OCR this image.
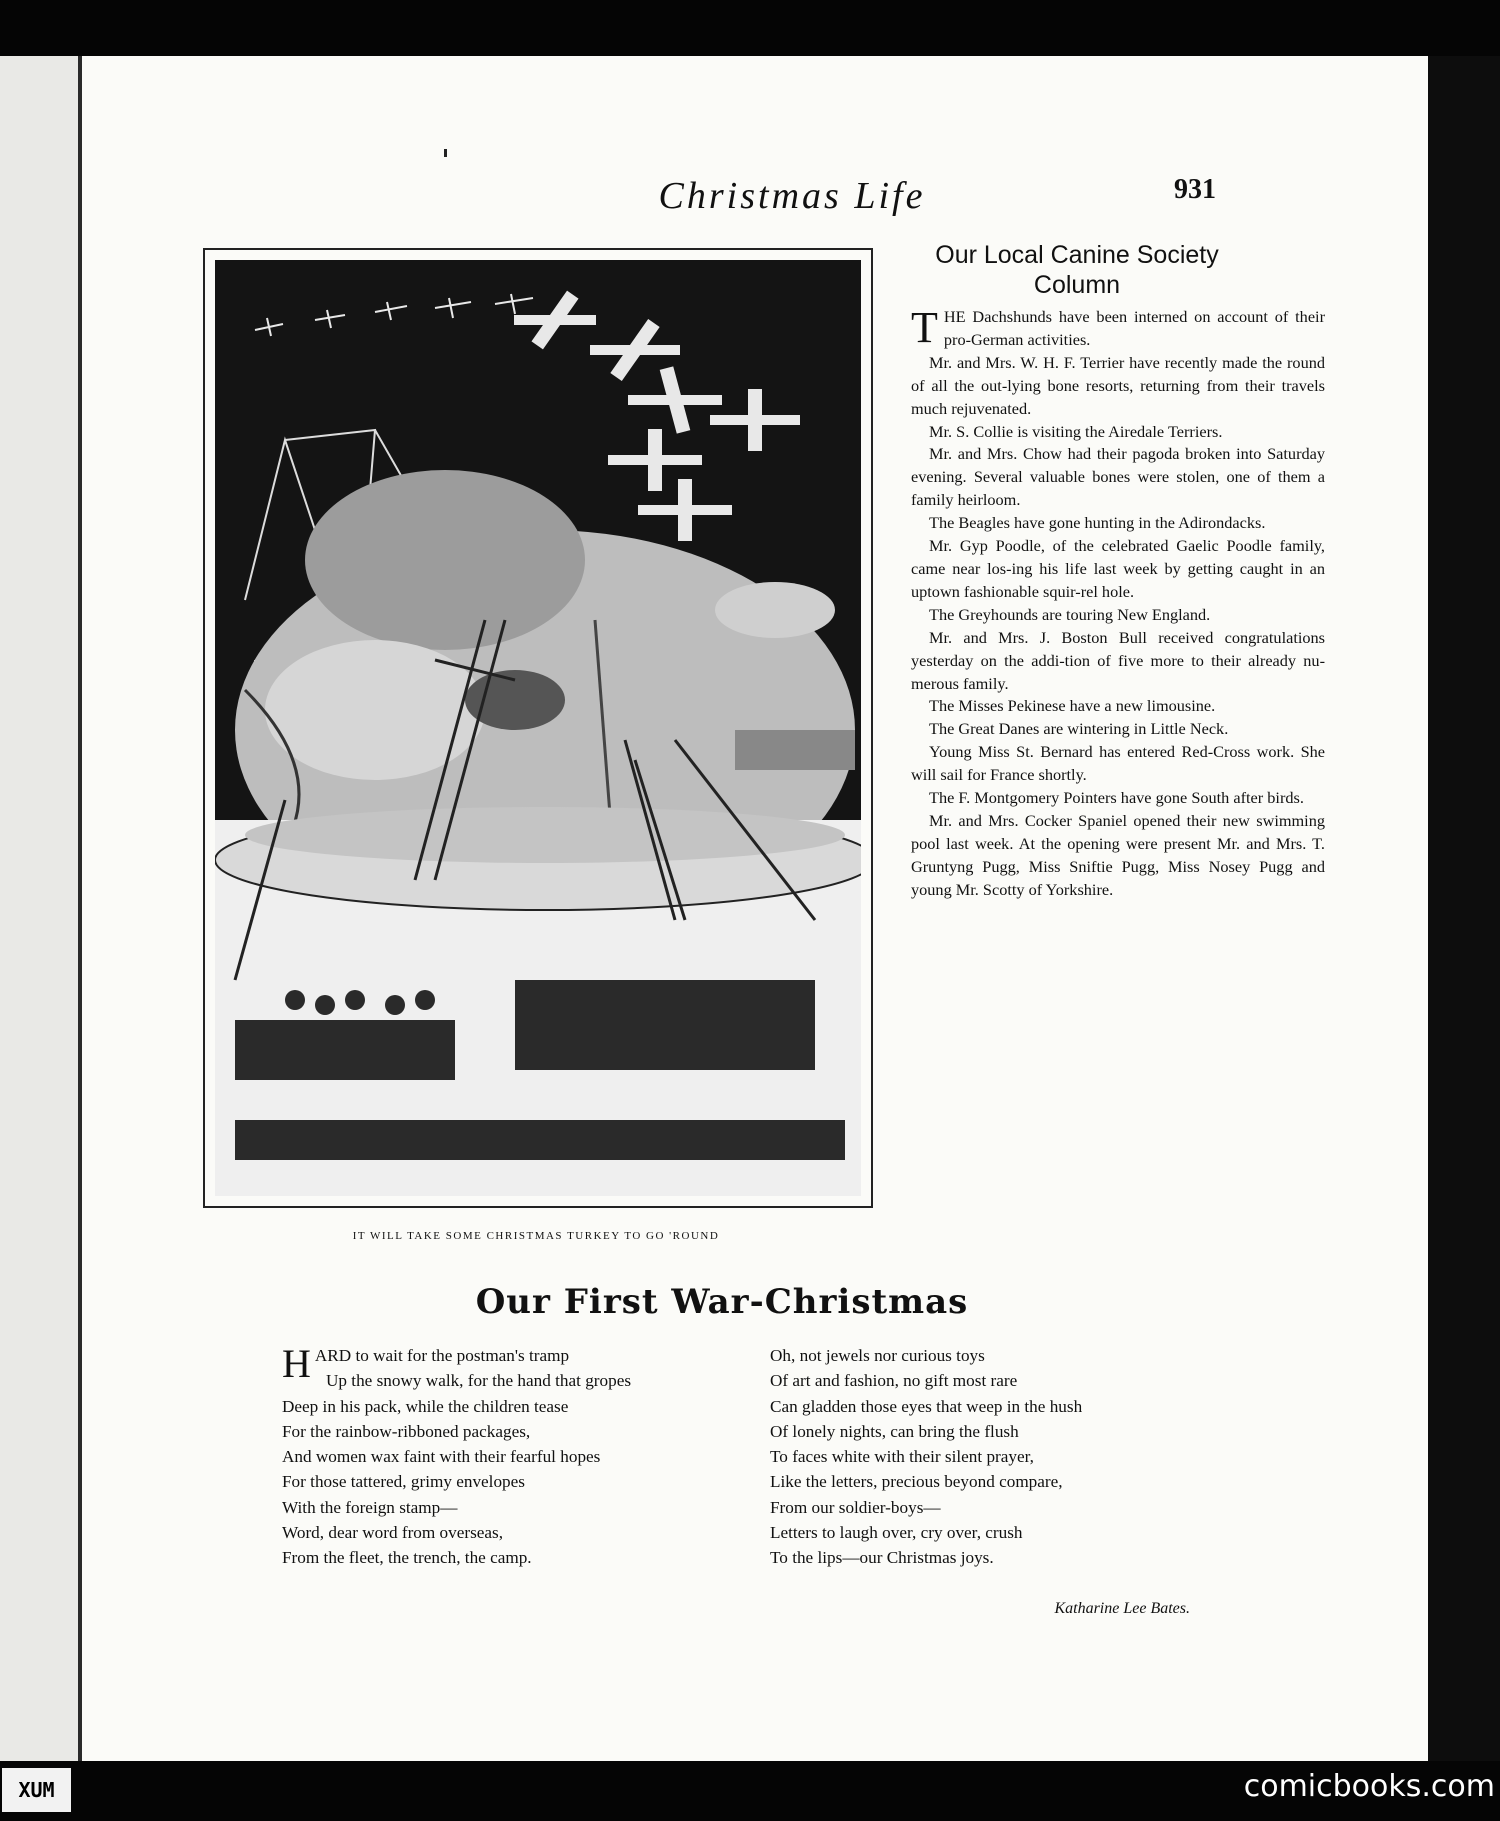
Christmas Life	931
IT WILL TAKE SOME CHRISTMAS TURKEY TO GO 'ROUND
Our Local Canine Society
Column

THE Dachshunds have been interned on account of their pro-German activities.

Mr. and Mrs. W. H. F. Terrier have recently made the round of all the out-lying bone resorts, returning from their travels much rejuvenated.

Mr. S. Collie is visiting the Airedale Terriers.

Mr. and Mrs. Chow had their pagoda broken into Saturday evening. Several valuable bones were stolen, one of them a family heirloom.

The Beagles have gone hunting in the Adirondacks.

Mr. Gyp Poodle, of the celebrated Gaelic Poodle family, came near los-ing his life last week by getting caught in an uptown fashionable squir-rel hole.

The Greyhounds are touring New England.

Mr. and Mrs. J. Boston Bull received congratulations yesterday on the addi-tion of five more to their already nu-merous family.

The Misses Pekinese have a new limousine.

The Great Danes are wintering in Little Neck.

Young Miss St. Bernard has entered Red-Cross work. She will sail for France shortly.

The F. Montgomery Pointers have gone South after birds.

Mr. and Mrs. Cocker Spaniel opened their new swimming pool last week. At the opening were present Mr. and Mrs. T. Gruntyng Pugg, Miss Sniftie Pugg, Miss Nosey Pugg and young Mr. Scotty of Yorkshire.

Our First War-Christmas
H ARD to wait for the postman's tramp
Up the snowy walk, for the hand that gropes
Deep in his pack, while the children tease
For the rainbow-ribboned packages,
And women wax faint with their fearful hopes
For those tattered, grimy envelopes
With the foreign stamp—
Word, dear word from overseas,
From the fleet, the trench, the camp.
Oh, not jewels nor curious toys
Of art and fashion, no gift most rare
Can gladden those eyes that weep in the hush
Of lonely nights, can bring the flush
To faces white with their silent prayer,
Like the letters, precious beyond compare,
From our soldier-boys—
Letters to laugh over, cry over, crush
To the lips—our Christmas joys.
Katharine Lee Bates.
XUM	comicbooks.com
